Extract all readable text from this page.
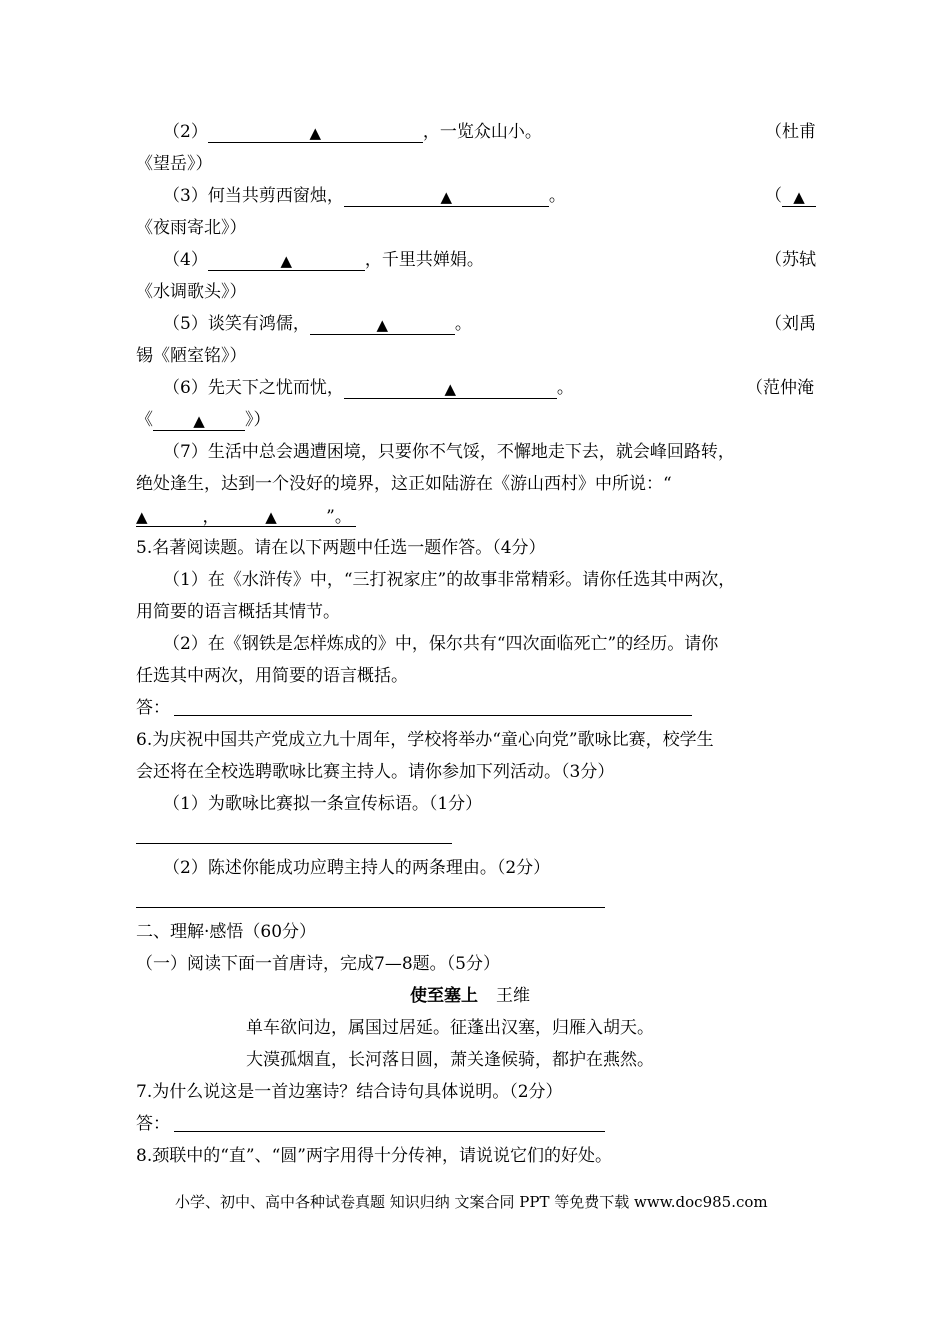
（2）	▲	，一览众山小。	（杜甫
《望岳》）
（3）何当共剪西窗烛，	▲	。	（ ▲
《夜雨寄北》）
（4）	▲	，千里共婵娟。	（苏轼
《水调歌头》）
（5）谈笑有鸿儒，	▲	。	（刘禹
锡《陋室铭》）
（6）先天下之忧而忧，	▲	。	（范仲淹
《	▲ 》）
（7）生活中总会遇遭困境，只要你不气馁，不懈地走下去，就会峰回路转，
绝处逢生，达到一个没好的境界，这正如陆游在《游山西村》中所说：“
▲	，	▲	”。
5.名著阅读题。请在以下两题中任选一题作答。（4分）
（1）在《水浒传》中，“三打祝家庄”的故事非常精彩。请你任选其中两次，
用简要的语言概括其情节。
（2）在《钢铁是怎样炼成的》中，保尔共有“四次面临死亡”的经历。请你
任选其中两次，用简要的语言概括。
答：
6.为庆祝中国共产党成立九十周年，学校将举办“童心向党”歌咏比赛，校学生
会还将在全校选聘歌咏比赛主持人。请你参加下列活动。（3分）
（1）为歌咏比赛拟一条宣传标语。（1分）
（2）陈述你能成功应聘主持人的两条理由。（2分）
二、理解·感悟（60分）
（一）阅读下面一首唐诗，完成7—8题。（5分）
使至塞上 王维
单车欲问边，属国过居延。征蓬出汉塞，归雁入胡天。
大漠孤烟直，长河落日圆，萧关逢候骑，都护在燕然。
7.为什么说这是一首边塞诗？结合诗句具体说明。（2分）
答：
8.颈联中的“直”、“圆”两字用得十分传神，请说说它们的好处。
小学、初中、高中各种试卷真题 知识归纳 文案合同 PPT 等免费下载 www.doc985.com
